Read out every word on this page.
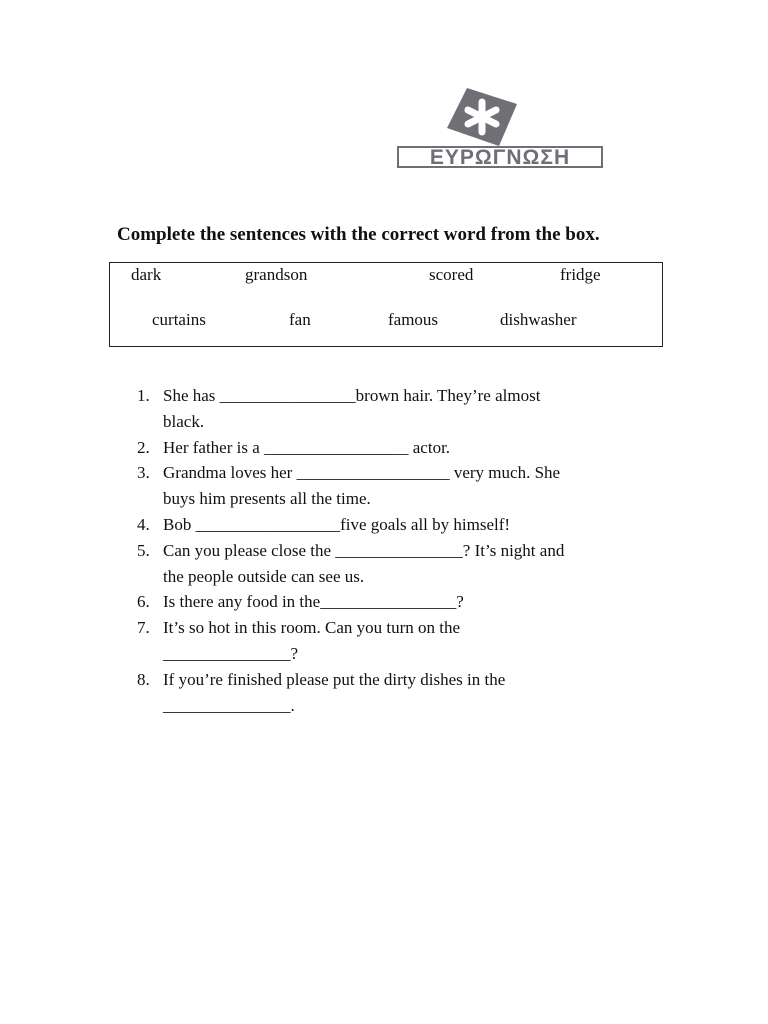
ΕΥΡΩΓΝΩΣΗ
Complete the sentences with the correct word from the box.
dark	grandson	scored	fridge
curtains	fan	famous	dishwasher
1. She has ________________brown hair. They’re almost
black.
2. Her father is a _________________ actor.
3. Grandma loves her __________________ very much. She
buys him presents all the time.
4. Bob _________________five goals all by himself!
5. Can you please close the _______________? It’s night and
the people outside can see us.
6. Is there any food in the________________?
7. It’s so hot in this room. Can you turn on the
_______________?
8. If you’re finished please put the dirty dishes in the
_______________.
